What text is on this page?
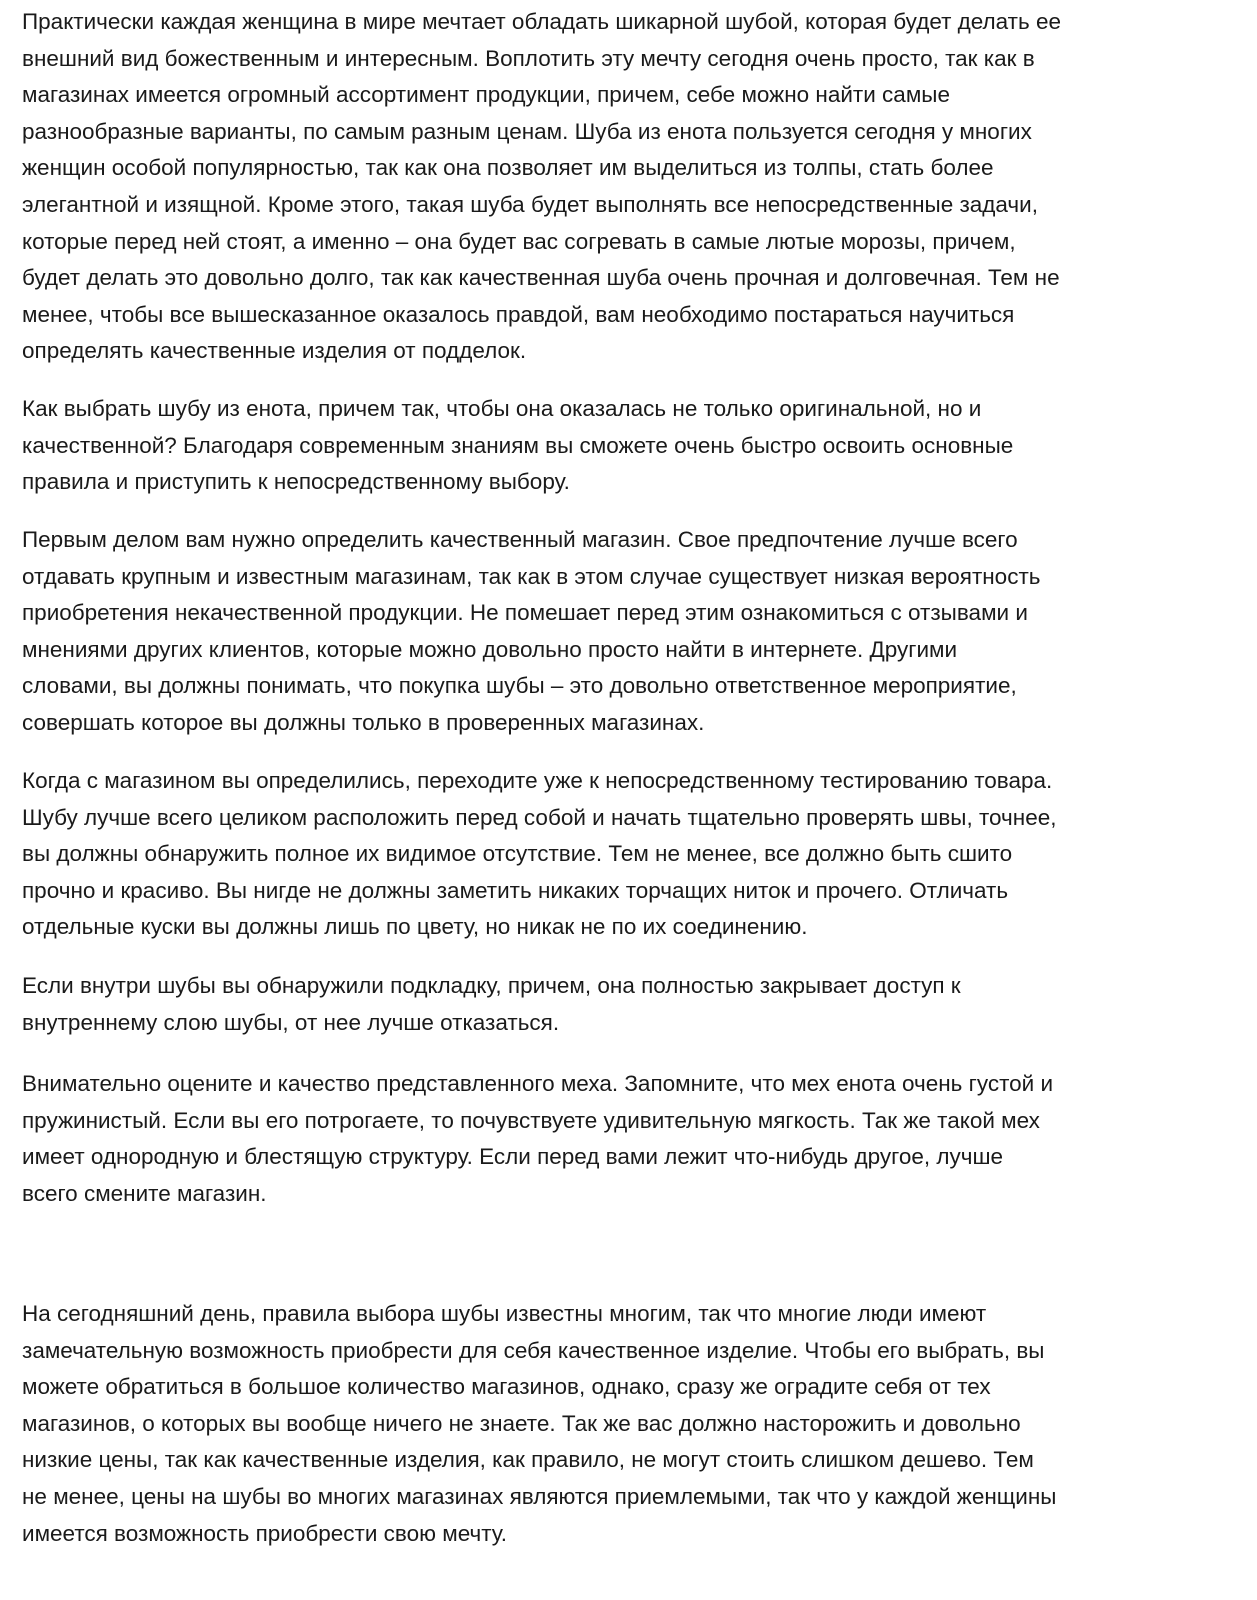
Практически каждая женщина в мире мечтает обладать шикарной шубой, которая будет делать ее
внешний вид божественным и интересным. Воплотить эту мечту сегодня очень просто, так как в
магазинах имеется огромный ассортимент продукции, причем, себе можно найти самые
разнообразные варианты, по самым разным ценам. Шуба из енота пользуется сегодня у многих
женщин особой популярностью, так как она позволяет им выделиться из толпы, стать более
элегантной и изящной. Кроме этого, такая шуба будет выполнять все непосредственные задачи,
которые перед ней стоят, а именно – она будет вас согревать в самые лютые морозы, причем,
будет делать это довольно долго, так как качественная шуба очень прочная и долговечная. Тем не
менее, чтобы все вышесказанное оказалось правдой, вам необходимо постараться научиться
определять качественные изделия от подделок.

Как выбрать шубу из енота, причем так, чтобы она оказалась не только оригинальной, но и
качественной? Благодаря современным знаниям вы сможете очень быстро освоить основные
правила и приступить к непосредственному выбору.

Первым делом вам нужно определить качественный магазин. Свое предпочтение лучше всего
отдавать крупным и известным магазинам, так как в этом случае существует низкая вероятность
приобретения некачественной продукции. Не помешает перед этим ознакомиться с отзывами и
мнениями других клиентов, которые можно довольно просто найти в интернете. Другими
словами, вы должны понимать, что покупка шубы – это довольно ответственное мероприятие,
совершать которое вы должны только в проверенных магазинах.

Когда с магазином вы определились, переходите уже к непосредственному тестированию товара.
Шубу лучше всего целиком расположить перед собой и начать тщательно проверять швы, точнее,
вы должны обнаружить полное их видимое отсутствие. Тем не менее, все должно быть сшито
прочно и красиво. Вы нигде не должны заметить никаких торчащих ниток и прочего. Отличать
отдельные куски вы должны лишь по цвету, но никак не по их соединению.

Если внутри шубы вы обнаружили подкладку, причем, она полностью закрывает доступ к
внутреннему слою шубы, от нее лучше отказаться.

Внимательно оцените и качество представленного меха. Запомните, что мех енота очень густой и
пружинистый. Если вы его потрогаете, то почувствуете удивительную мягкость. Так же такой мех
имеет однородную и блестящую структуру. Если перед вами лежит что-нибудь другое, лучше
всего смените магазин.

На сегодняшний день, правила выбора шубы известны многим, так что многие люди имеют
замечательную возможность приобрести для себя качественное изделие. Чтобы его выбрать, вы
можете обратиться в большое количество магазинов, однако, сразу же оградите себя от тех
магазинов, о которых вы вообще ничего не знаете. Так же вас должно насторожить и довольно
низкие цены, так как качественные изделия, как правило, не могут стоить слишком дешево. Тем
не менее, цены на шубы во многих магазинах являются приемлемыми, так что у каждой женщины
имеется возможность приобрести свою мечту.
